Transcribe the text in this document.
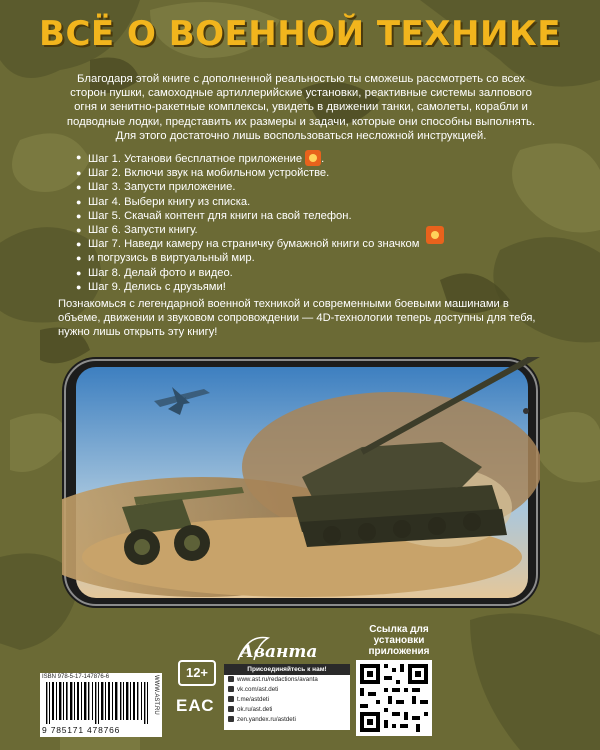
ВСЁ О ВОЕННОЙ ТЕХНИКЕ
Благодаря этой книге с дополненной реальностью ты сможешь рассмотреть со всех сторон пушки, самоходные артиллерийские установки, реактивные системы залпового огня и зенитно-ракетные комплексы, увидеть в движении танки, самолеты, корабли и подводные лодки, представить их размеры и задачи, которые они способны выполнять. Для этого достаточно лишь воспользоваться несложной инструкцией.
● Шаг 1. Установи бесплатное приложение .
● Шаг 2. Включи звук на мобильном устройстве.
● Шаг 3. Запусти приложение.
● Шаг 4. Выбери книгу из списка.
● Шаг 5. Скачай контент для книги на свой телефон.
● Шаг 6. Запусти книгу.
● Шаг 7. Наведи камеру на страничку бумажной книги со значком
● и погрузись в виртуальный мир.
● Шаг 8. Делай фото и видео.
● Шаг 9. Делись с друзьями!
Познакомься с легендарной военной техникой и современными боевыми машинами в объеме, движении и звуковом сопровождении — 4D-технологии теперь доступны для тебя, нужно лишь открыть эту книгу!
Аванта
12+
ЕАС
Присоединяйтесь к нам!
www.ast.ru/redactions/avanta
vk.com/ast.deti
t.me/astdeti
ok.ru/ast.deti
zen.yandex.ru/astdeti
Ссылка для установки приложения
ISBN 978-5-17-147876-6
9 785171 478766
WWW.AST.RU
